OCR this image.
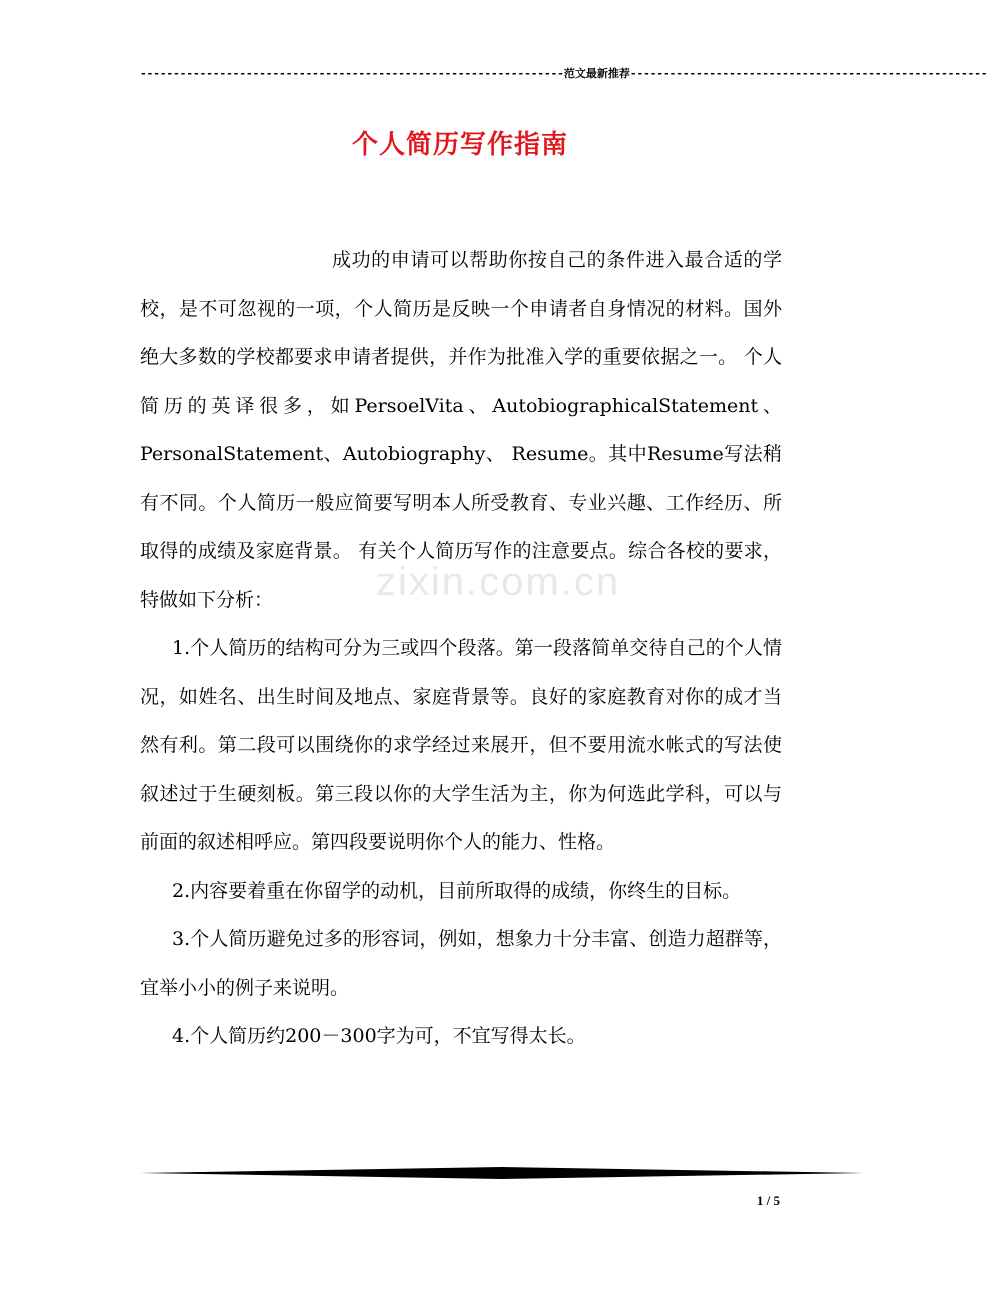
----------------------------------------------------------------范文最新推荐------------------------------------------------------
个人简历写作指南
zixin.com.cn

成功的申请可以帮助你按自己的条件进入最合适的学校，是不可忽视的一项，个人简历是反映一个申请者自身情况的材料。国外绝大多数的学校都要求申请者提供，并作为批准入学的重要依据之一。 个人简历的英译很多，如PersoelVita、AutobiographicalStatement、PersonalStatement、Autobiography、 Resume。其中Resume写法稍有不同。个人简历一般应简要写明本人所受教育、专业兴趣、工作经历、所取得的成绩及家庭背景。 有关个人简历写作的注意要点。综合各校的要求，特做如下分析：

1.个人简历的结构可分为三或四个段落。第一段落简单交待自己的个人情况，如姓名、出生时间及地点、家庭背景等。良好的家庭教育对你的成才当然有利。第二段可以围绕你的求学经过来展开，但不要用流水帐式的写法使叙述过于生硬刻板。第三段以你的大学生活为主，你为何选此学科，可以与前面的叙述相呼应。第四段要说明你个人的能力、性格。

2.内容要着重在你留学的动机，目前所取得的成绩，你终生的目标。

3.个人简历避免过多的形容词，例如，想象力十分丰富、创造力超群等，宜举小小的例子来说明。

4.个人简历约200－300字为可，不宜写得太长。

1 / 5
